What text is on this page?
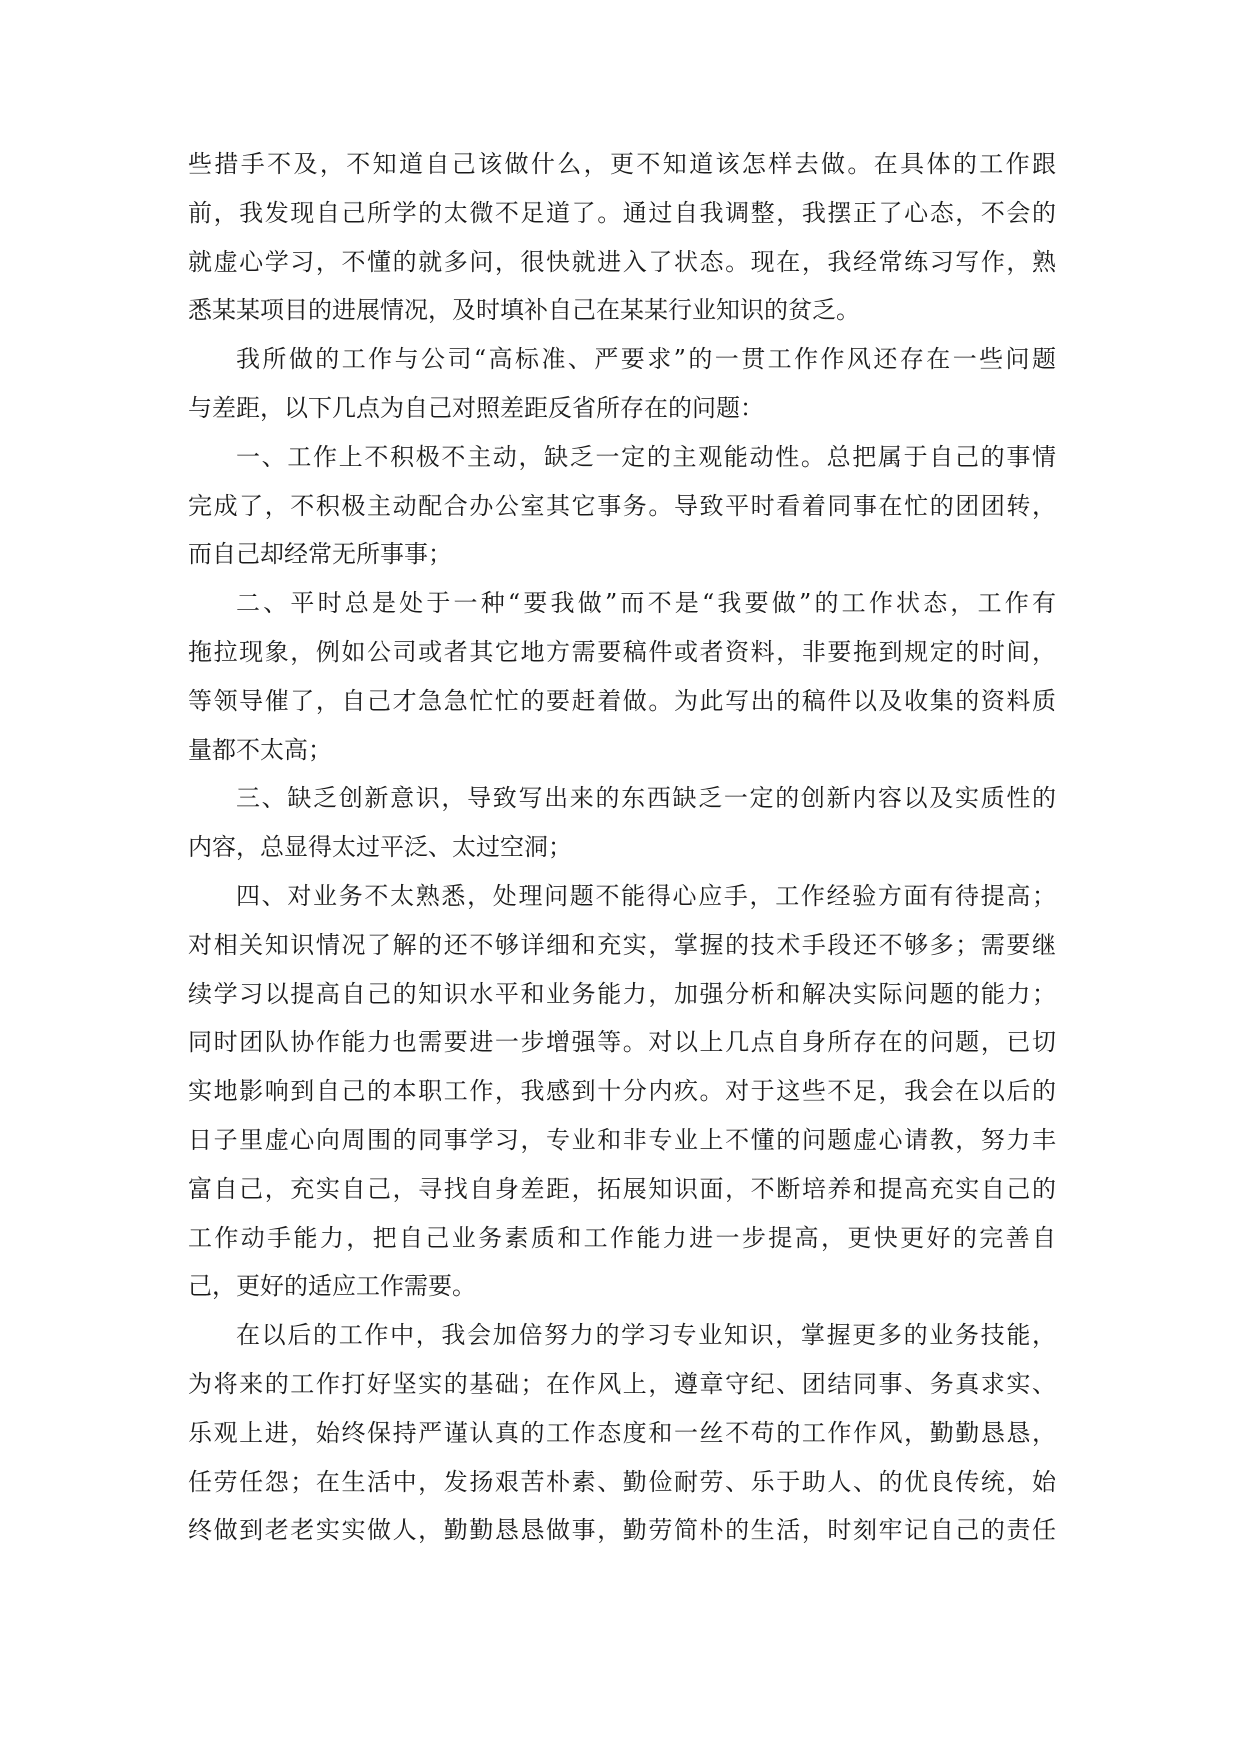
些措手不及，不知道自己该做什么，更不知道该怎样去做。在具体的工作跟
前，我发现自己所学的太微不足道了。通过自我调整，我摆正了心态，不会的
就虚心学习，不懂的就多问，很快就进入了状态。现在，我经常练习写作，熟
悉某某项目的进展情况，及时填补自己在某某行业知识的贫乏。
我所做的工作与公司“高标准、严要求”的一贯工作作风还存在一些问题
与差距，以下几点为自己对照差距反省所存在的问题：
一、工作上不积极不主动，缺乏一定的主观能动性。总把属于自己的事情
完成了，不积极主动配合办公室其它事务。导致平时看着同事在忙的团团转，
而自己却经常无所事事；
二、平时总是处于一种“要我做”而不是“我要做”的工作状态，工作有
拖拉现象，例如公司或者其它地方需要稿件或者资料，非要拖到规定的时间，
等领导催了，自己才急急忙忙的要赶着做。为此写出的稿件以及收集的资料质
量都不太高；
三、缺乏创新意识，导致写出来的东西缺乏一定的创新内容以及实质性的
内容，总显得太过平泛、太过空洞；
四、对业务不太熟悉，处理问题不能得心应手，工作经验方面有待提高；
对相关知识情况了解的还不够详细和充实，掌握的技术手段还不够多；需要继
续学习以提高自己的知识水平和业务能力，加强分析和解决实际问题的能力；
同时团队协作能力也需要进一步增强等。对以上几点自身所存在的问题，已切
实地影响到自己的本职工作，我感到十分内疚。对于这些不足，我会在以后的
日子里虚心向周围的同事学习，专业和非专业上不懂的问题虚心请教，努力丰
富自己，充实自己，寻找自身差距，拓展知识面，不断培养和提高充实自己的
工作动手能力，把自己业务素质和工作能力进一步提高，更快更好的完善自
己，更好的适应工作需要。
在以后的工作中，我会加倍努力的学习专业知识，掌握更多的业务技能，
为将来的工作打好坚实的基础；在作风上，遵章守纪、团结同事、务真求实、
乐观上进，始终保持严谨认真的工作态度和一丝不苟的工作作风，勤勤恳恳，
任劳任怨；在生活中，发扬艰苦朴素、勤俭耐劳、乐于助人、的优良传统，始
终做到老老实实做人，勤勤恳恳做事，勤劳简朴的生活，时刻牢记自己的责任
